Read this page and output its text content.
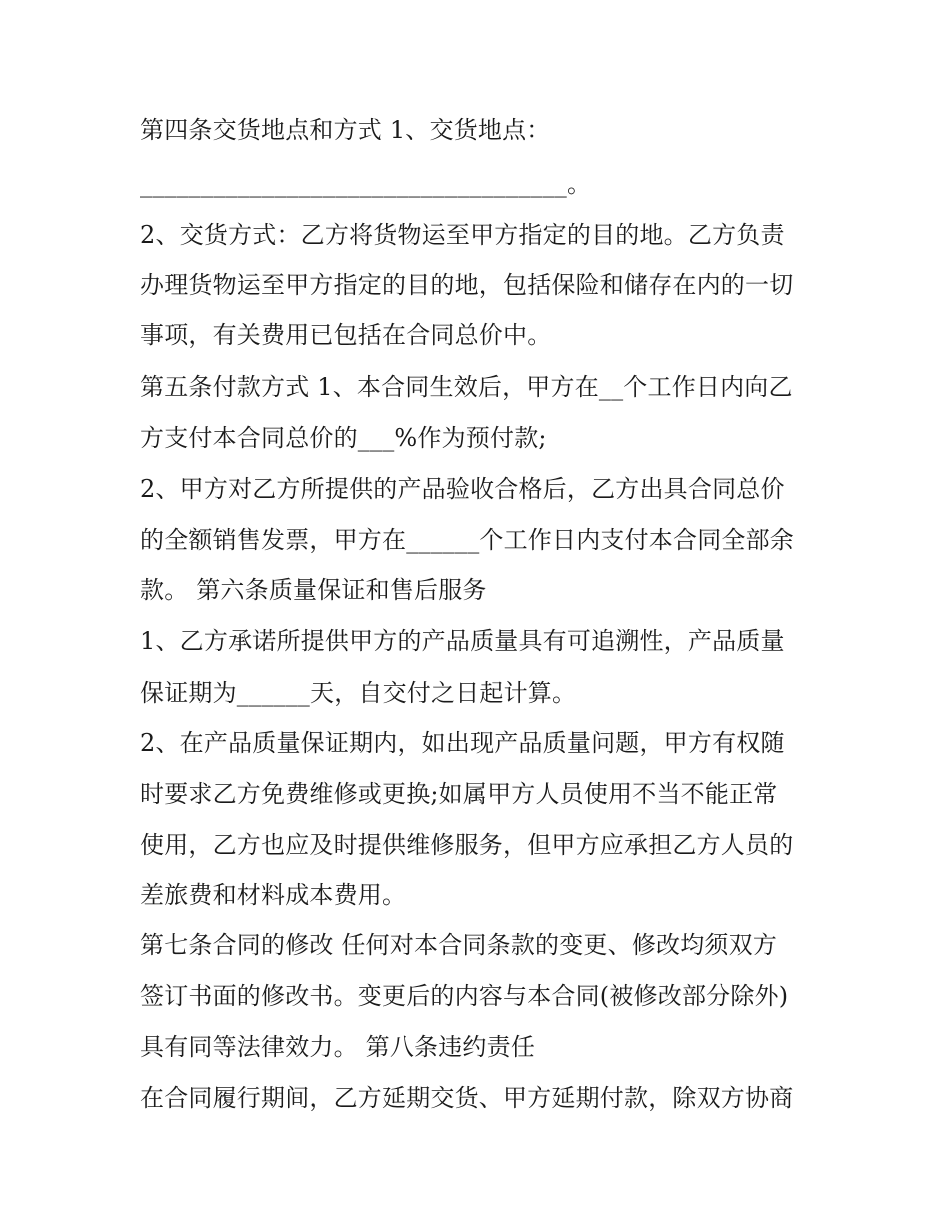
第四条交货地点和方式 1、交货地点：
___________________________________。
2、交货方式：乙方将货物运至甲方指定的目的地。乙方负责
办理货物运至甲方指定的目的地，包括保险和储存在内的一切
事项，有关费用已包括在合同总价中。
第五条付款方式 1、本合同生效后，甲方在__个工作日内向乙
方支付本合同总价的___%作为预付款;
2、甲方对乙方所提供的产品验收合格后，乙方出具合同总价
的全额销售发票，甲方在______个工作日内支付本合同全部余
款。 第六条质量保证和售后服务
1、乙方承诺所提供甲方的产品质量具有可追溯性，产品质量
保证期为______天，自交付之日起计算。
2、在产品质量保证期内，如出现产品质量问题，甲方有权随
时要求乙方免费维修或更换;如属甲方人员使用不当不能正常
使用，乙方也应及时提供维修服务，但甲方应承担乙方人员的
差旅费和材料成本费用。
第七条合同的修改 任何对本合同条款的变更、修改均须双方
签订书面的修改书。变更后的内容与本合同(被修改部分除外)
具有同等法律效力。 第八条违约责任
在合同履行期间，乙方延期交货、甲方延期付款，除双方协商
